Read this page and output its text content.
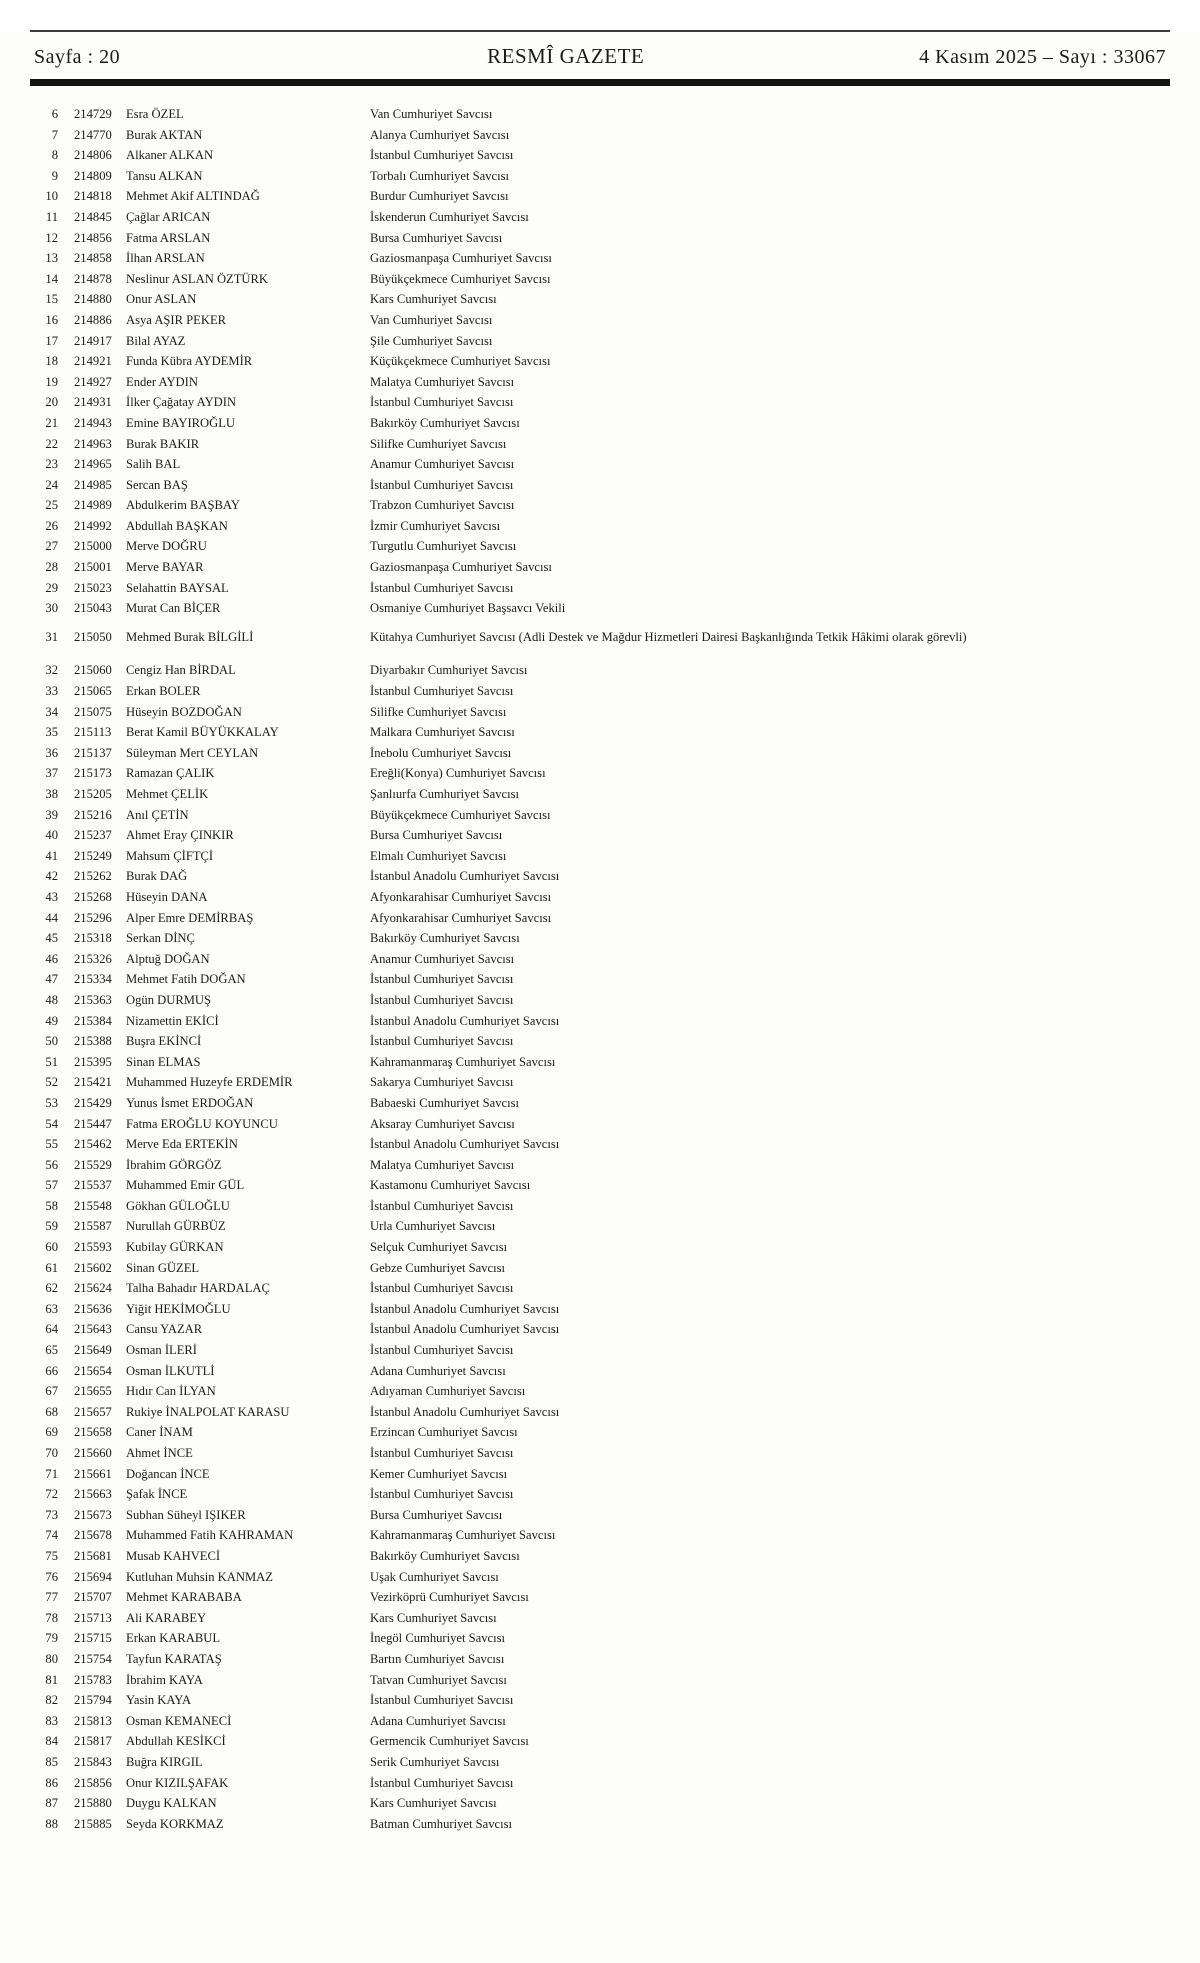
Sayfa : 20	RESMÎ GAZETE	4 Kasım 2025 – Sayı : 33067
6	214729	Esra ÖZEL	Van Cumhuriyet Savcısı
7	214770	Burak AKTAN	Alanya Cumhuriyet Savcısı
8	214806	Alkaner ALKAN	İstanbul Cumhuriyet Savcısı
9	214809	Tansu ALKAN	Torbalı Cumhuriyet Savcısı
10	214818	Mehmet Akif ALTINDAĞ	Burdur Cumhuriyet Savcısı
11	214845	Çağlar ARICAN	İskenderun Cumhuriyet Savcısı
12	214856	Fatma ARSLAN	Bursa Cumhuriyet Savcısı
13	214858	İlhan ARSLAN	Gaziosmanpaşa Cumhuriyet Savcısı
14	214878	Neslinur ASLAN ÖZTÜRK	Büyükçekmece Cumhuriyet Savcısı
15	214880	Onur ASLAN	Kars Cumhuriyet Savcısı
16	214886	Asya AŞIR PEKER	Van Cumhuriyet Savcısı
17	214917	Bilal AYAZ	Şile Cumhuriyet Savcısı
18	214921	Funda Kübra AYDEMİR	Küçükçekmece Cumhuriyet Savcısı
19	214927	Ender AYDIN	Malatya Cumhuriyet Savcısı
20	214931	İlker Çağatay AYDIN	İstanbul Cumhuriyet Savcısı
21	214943	Emine BAYIROĞLU	Bakırköy Cumhuriyet Savcısı
22	214963	Burak BAKIR	Silifke Cumhuriyet Savcısı
23	214965	Salih BAL	Anamur Cumhuriyet Savcısı
24	214985	Sercan BAŞ	İstanbul Cumhuriyet Savcısı
25	214989	Abdulkerim BAŞBAY	Trabzon Cumhuriyet Savcısı
26	214992	Abdullah BAŞKAN	İzmir Cumhuriyet Savcısı
27	215000	Merve DOĞRU	Turgutlu Cumhuriyet Savcısı
28	215001	Merve BAYAR	Gaziosmanpaşa Cumhuriyet Savcısı
29	215023	Selahattin BAYSAL	İstanbul Cumhuriyet Savcısı
30	215043	Murat Can BİÇER	Osmaniye Cumhuriyet Başsavcı Vekili
31	215050	Mehmed Burak BİLGİLİ	Kütahya Cumhuriyet Savcısı (Adli Destek ve Mağdur Hizmetleri Dairesi Başkanlığında Tetkik Hâkimi olarak görevli)
32	215060	Cengiz Han BİRDAL	Diyarbakır Cumhuriyet Savcısı
33	215065	Erkan BOLER	İstanbul Cumhuriyet Savcısı
34	215075	Hüseyin BOZDOĞAN	Silifke Cumhuriyet Savcısı
35	215113	Berat Kamil BÜYÜKKALAY	Malkara Cumhuriyet Savcısı
36	215137	Süleyman Mert CEYLAN	İnebolu Cumhuriyet Savcısı
37	215173	Ramazan ÇALIK	Ereğli(Konya) Cumhuriyet Savcısı
38	215205	Mehmet ÇELİK	Şanlıurfa Cumhuriyet Savcısı
39	215216	Anıl ÇETİN	Büyükçekmece Cumhuriyet Savcısı
40	215237	Ahmet Eray ÇINKIR	Bursa Cumhuriyet Savcısı
41	215249	Mahsum ÇİFTÇİ	Elmalı Cumhuriyet Savcısı
42	215262	Burak DAĞ	İstanbul Anadolu Cumhuriyet Savcısı
43	215268	Hüseyin DANA	Afyonkarahisar Cumhuriyet Savcısı
44	215296	Alper Emre DEMİRBAŞ	Afyonkarahisar Cumhuriyet Savcısı
45	215318	Serkan DİNÇ	Bakırköy Cumhuriyet Savcısı
46	215326	Alptuğ DOĞAN	Anamur Cumhuriyet Savcısı
47	215334	Mehmet Fatih DOĞAN	İstanbul Cumhuriyet Savcısı
48	215363	Ogün DURMUŞ	İstanbul Cumhuriyet Savcısı
49	215384	Nizamettin EKİCİ	İstanbul Anadolu Cumhuriyet Savcısı
50	215388	Buşra EKİNCİ	İstanbul Cumhuriyet Savcısı
51	215395	Sinan ELMAS	Kahramanmaraş Cumhuriyet Savcısı
52	215421	Muhammed Huzeyfe ERDEMİR	Sakarya Cumhuriyet Savcısı
53	215429	Yunus İsmet ERDOĞAN	Babaeski Cumhuriyet Savcısı
54	215447	Fatma EROĞLU KOYUNCU	Aksaray Cumhuriyet Savcısı
55	215462	Merve Eda ERTEKİN	İstanbul Anadolu Cumhuriyet Savcısı
56	215529	İbrahim GÖRGÖZ	Malatya Cumhuriyet Savcısı
57	215537	Muhammed Emir GÜL	Kastamonu Cumhuriyet Savcısı
58	215548	Gökhan GÜLOĞLU	İstanbul Cumhuriyet Savcısı
59	215587	Nurullah GÜRBÜZ	Urla Cumhuriyet Savcısı
60	215593	Kubilay GÜRKAN	Selçuk Cumhuriyet Savcısı
61	215602	Sinan GÜZEL	Gebze Cumhuriyet Savcısı
62	215624	Talha Bahadır HARDALAÇ	İstanbul Cumhuriyet Savcısı
63	215636	Yiğit HEKİMOĞLU	İstanbul Anadolu Cumhuriyet Savcısı
64	215643	Cansu YAZAR	İstanbul Anadolu Cumhuriyet Savcısı
65	215649	Osman İLERİ	İstanbul Cumhuriyet Savcısı
66	215654	Osman İLKUTLİ	Adana Cumhuriyet Savcısı
67	215655	Hıdır Can İLYAN	Adıyaman Cumhuriyet Savcısı
68	215657	Rukiye İNALPOLAT KARASU	İstanbul Anadolu Cumhuriyet Savcısı
69	215658	Caner İNAM	Erzincan Cumhuriyet Savcısı
70	215660	Ahmet İNCE	İstanbul Cumhuriyet Savcısı
71	215661	Doğancan İNCE	Kemer Cumhuriyet Savcısı
72	215663	Şafak İNCE	İstanbul Cumhuriyet Savcısı
73	215673	Subhan Süheyl IŞIKER	Bursa Cumhuriyet Savcısı
74	215678	Muhammed Fatih KAHRAMAN	Kahramanmaraş Cumhuriyet Savcısı
75	215681	Musab KAHVECİ	Bakırköy Cumhuriyet Savcısı
76	215694	Kutluhan Muhsin KANMAZ	Uşak Cumhuriyet Savcısı
77	215707	Mehmet KARABABA	Vezirköprü Cumhuriyet Savcısı
78	215713	Ali KARABEY	Kars Cumhuriyet Savcısı
79	215715	Erkan KARABUL	İnegöl Cumhuriyet Savcısı
80	215754	Tayfun KARATAŞ	Bartın Cumhuriyet Savcısı
81	215783	İbrahim KAYA	Tatvan Cumhuriyet Savcısı
82	215794	Yasin KAYA	İstanbul Cumhuriyet Savcısı
83	215813	Osman KEMANECİ	Adana Cumhuriyet Savcısı
84	215817	Abdullah KESİKCİ	Germencik Cumhuriyet Savcısı
85	215843	Buğra KIRGIL	Serik Cumhuriyet Savcısı
86	215856	Onur KIZILŞAFAK	İstanbul Cumhuriyet Savcısı
87	215880	Duygu KALKAN	Kars Cumhuriyet Savcısı
88	215885	Seyda KORKMAZ	Batman Cumhuriyet Savcısı
